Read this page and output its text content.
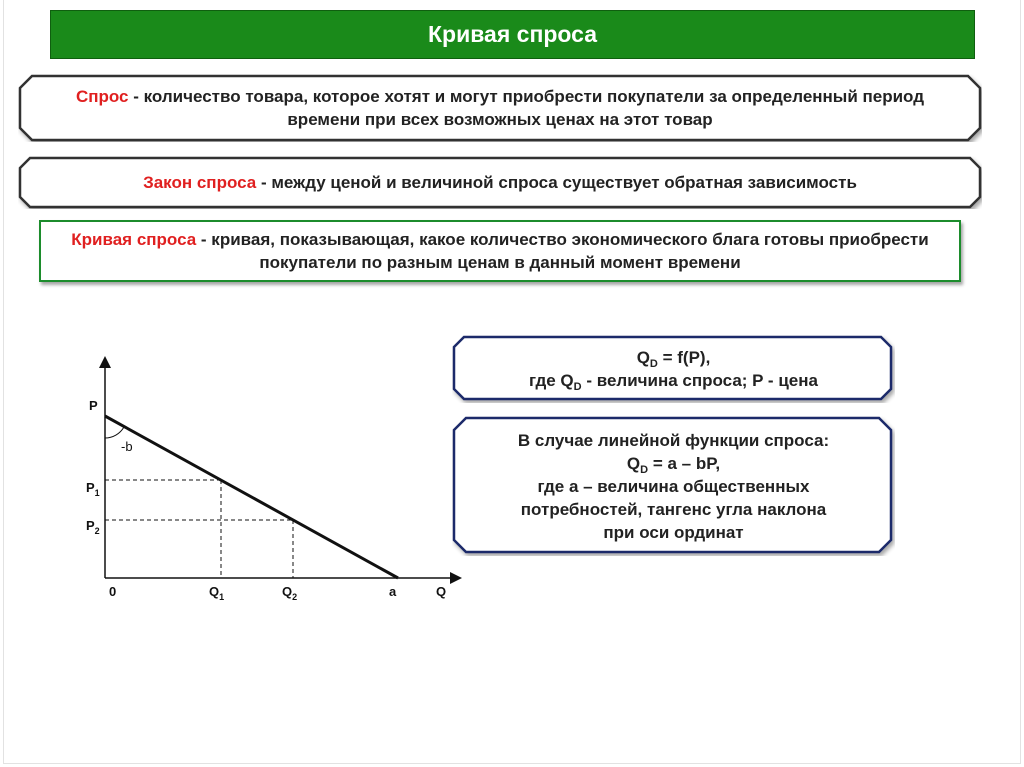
Кривая спроса
Спрос - количество товара, которое хотят и могут приобрести покупатели за определенный период времени при всех возможных ценах на этот товар
Закон спроса - между ценой и величиной спроса существует обратная зависимость
Кривая спроса - кривая, показывающая, какое количество экономического блага готовы приобрести покупатели по разным ценам в данный момент времени
$Q_D = f(P)$,
где $Q_D$ - величина спроса; P - цена
В случае линейной функции спроса:
$Q_D = a$ – bP,
где а – величина общественных
потребностей, тангенс угла наклона
при оси ординат
P
-b
$P_1$
$P_2$
0	$Q_1$	$Q_2$	a	Q
